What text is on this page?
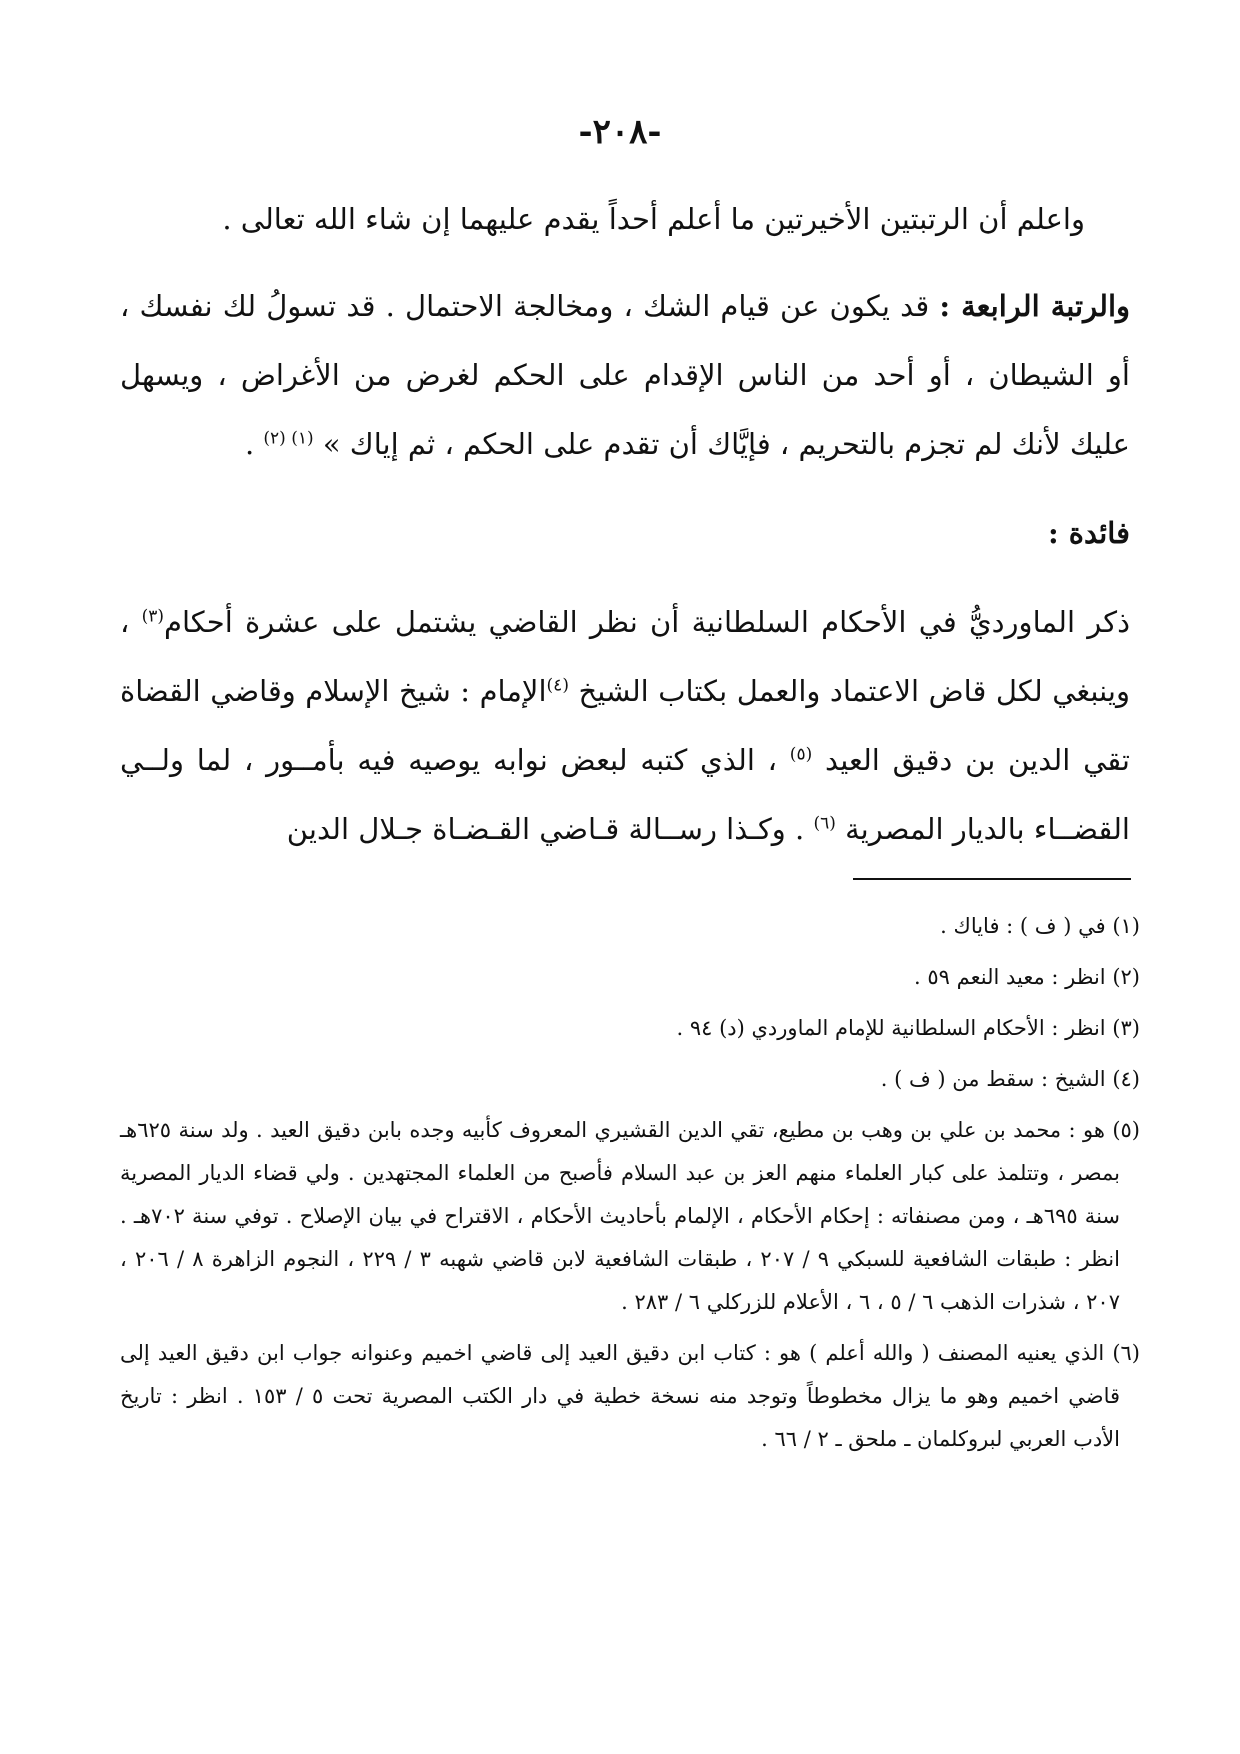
-٢٠٨-

واعلم أن الرتبتين الأخيرتين ما أعلم أحداً يقدم عليهما إن شاء الله تعالى .

والرتبة الرابعة : قد يكون عن قيام الشك ، ومخالجة الاحتمال . قد تسولُ لك نفسك ، أو الشيطان ، أو أحد من الناس الإقدام على الحكم لغرض من الأغراض ، ويسهل عليك لأنك لم تجزم بالتحريم ، فإيَّاك أن تقدم على الحكم ، ثم إياك » $^{(١) (٢)}$ .

فائدة :

ذكر الماورديُّ في الأحكام السلطانية أن نظر القاضي يشتمل على عشرة أحكام$^{(٣)}$ ، وينبغي لكل قاض الاعتماد والعمل بكتاب الشيخ $^{(٤)}$الإمام : شيخ الإسلام وقاضي القضاة تقي الدين بن دقيق العيد $^{(٥)}$ ، الذي كتبه لبعض نوابه يوصيه فيه بأمــور ، لما ولــي القضــاء بالديار المصرية $^{(٦)}$ . وكـذا رســالة قـاضي القـضـاة جـلال الدين

(١) في ( ف ) : فاياك .

(٢) انظر : معيد النعم ٥٩ .

(٣) انظر : الأحكام السلطانية للإمام الماوردي (د) ٩٤ .

(٤) الشيخ : سقط من ( ف ) .

(٥) هو : محمد بن علي بن وهب بن مطيع، تقي الدين القشيري المعروف كأبيه وجده بابن دقيق العيد . ولد سنة ٦٢٥هـ بمصر ، وتتلمذ على كبار العلماء منهم العز بن عبد السلام فأصبح من العلماء المجتهدين . ولي قضاء الديار المصرية سنة ٦٩٥هـ ، ومن مصنفاته : إحكام الأحكام ، الإلمام بأحاديث الأحكام ، الاقتراح في بيان الإصلاح . توفي سنة ٧٠٢هـ . انظر : طبقات الشافعية للسبكي ٩ / ٢٠٧ ، طبقات الشافعية لابن قاضي شهبه ٣ / ٢٢٩ ، النجوم الزاهرة ٨ / ٢٠٦ ، ٢٠٧ ، شذرات الذهب ٦ / ٥ ، ٦ ، الأعلام للزركلي ٦ / ٢٨٣ .

(٦) الذي يعنيه المصنف ( والله أعلم ) هو : كتاب ابن دقيق العيد إلى قاضي اخميم وعنوانه جواب ابن دقيق العيد إلى قاضي اخميم وهو ما يزال مخطوطاً وتوجد منه نسخة خطية في دار الكتب المصرية تحت ٥ / ١٥٣ . انظر : تاريخ الأدب العربي لبروكلمان ـ ملحق ـ ٢ / ٦٦ .
